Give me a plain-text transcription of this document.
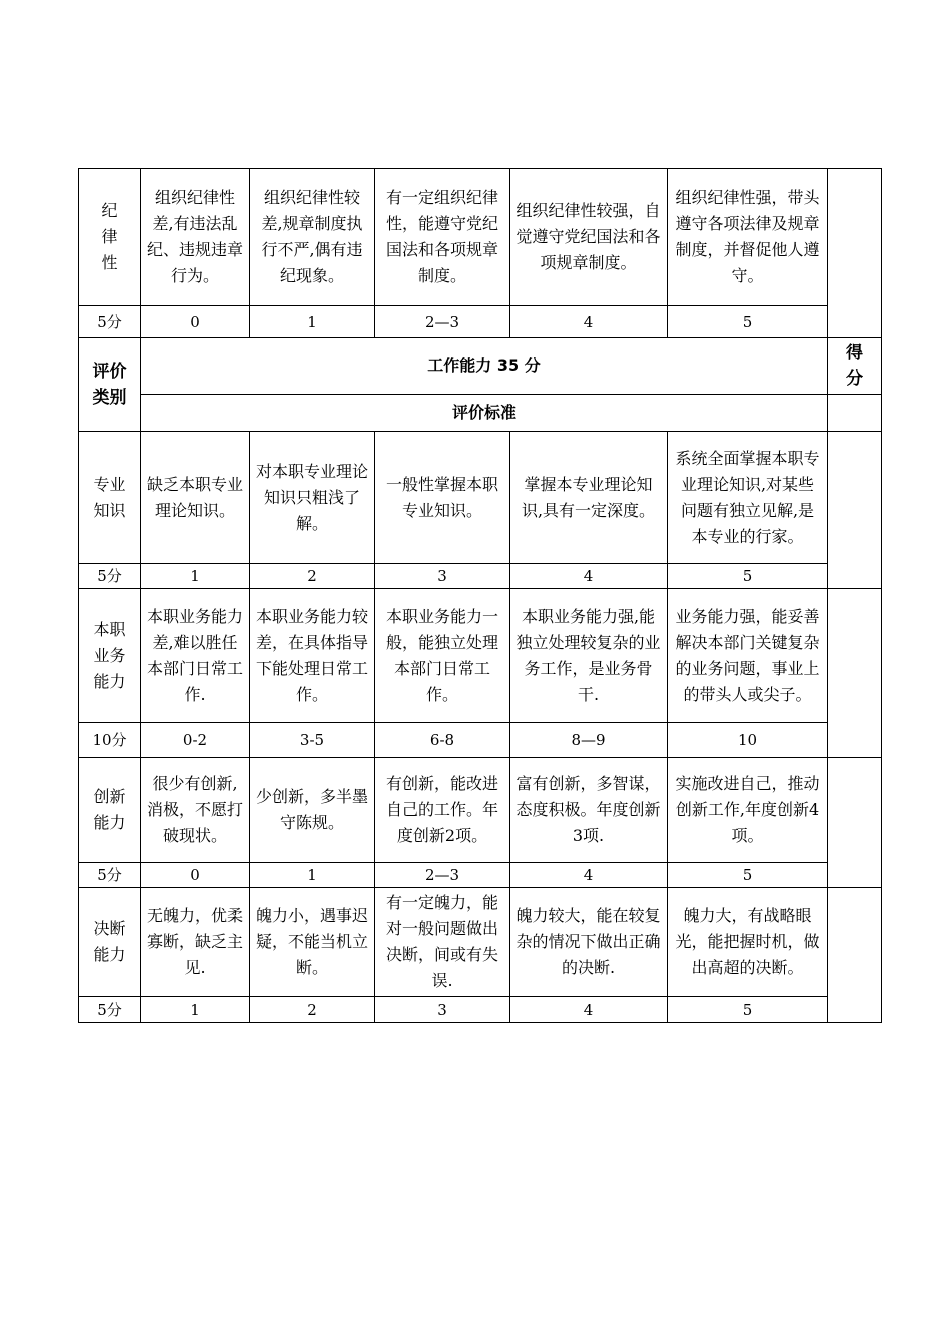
纪律性	组织纪律性差,有违法乱纪、违规违章行为。	组织纪律性较差,规章制度执行不严,偶有违纪现象。	有一定组织纪律性，能遵守党纪国法和各项规章制度。	组织纪律性较强，自觉遵守党纪国法和各项规章制度。	组织纪律性强，带头遵守各项法律及规章制度，并督促他人遵守。	
5分	0	1	2—3	4	5	
评价类别	工作能力 35 分					得分
	评价标准					
专业知识	缺乏本职专业理论知识。	对本职专业理论知识只粗浅了解。	一般性掌握本职专业知识。	掌握本专业理论知识,具有一定深度。	系统全面掌握本职专业理论知识,对某些问题有独立见解,是本专业的行家。	
5分	1	2	3	4	5	
本职业务能力	本职业务能力差,难以胜任本部门日常工作.	本职业务能力较差，在具体指导下能处理日常工作。	本职业务能力一般，能独立处理本部门日常工作。	本职业务能力强,能独立处理较复杂的业务工作，是业务骨干.	业务能力强，能妥善解决本部门关键复杂的业务问题，事业上的带头人或尖子。	
10分	0-2	3-5	6-8	8—9	10	
创新能力	很少有创新,消极，不愿打破现状。	少创新，多半墨守陈规。	有创新，能改进自己的工作。年度创新2项。	富有创新，多智谋，态度积极。年度创新3项.	实施改进自己，推动创新工作,年度创新4项。	
5分	0	1	2—3	4	5	
决断能力	无魄力，优柔寡断，缺乏主见.	魄力小，遇事迟疑，不能当机立断。	有一定魄力，能对一般问题做出决断，间或有失误.	魄力较大，能在较复杂的情况下做出正确的决断.	魄力大，有战略眼光，能把握时机，做出高超的决断。	
5分	1	2	3	4	5	
